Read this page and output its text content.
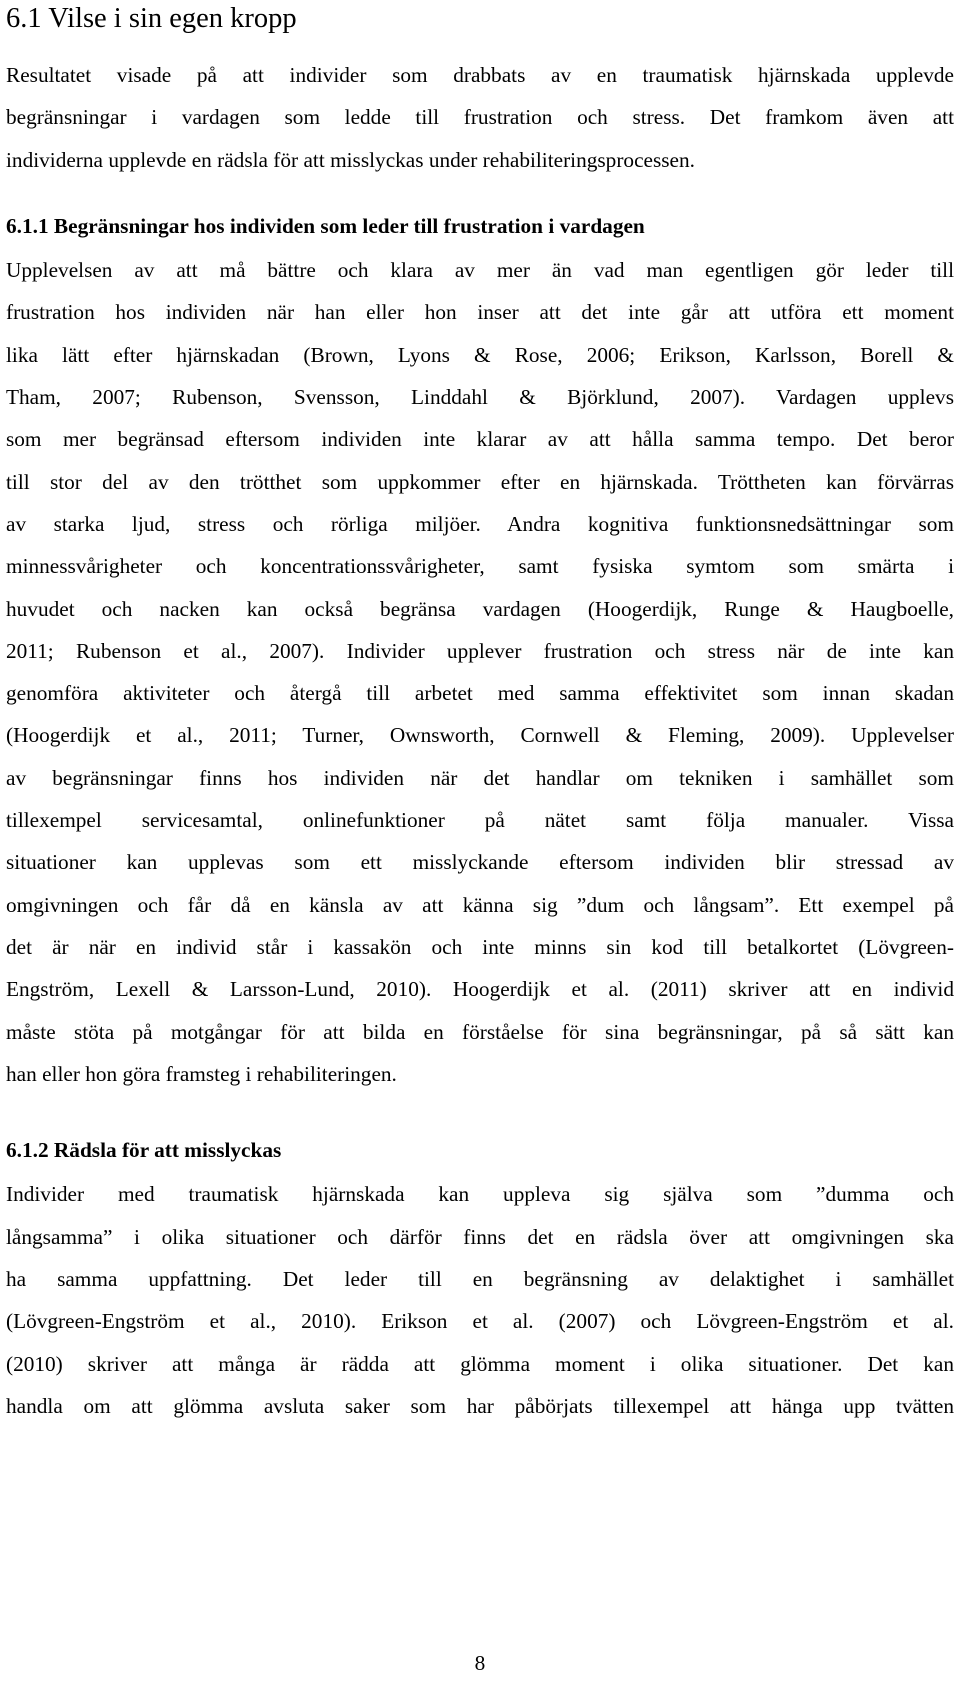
6.1 Vilse i sin egen kropp

Resultatet visade på att individer som drabbats av en traumatisk hjärnskada upplevde
begränsningar i vardagen som ledde till frustration och stress. Det framkom även att
individerna upplevde en rädsla för att misslyckas under rehabiliteringsprocessen.

6.1.1 Begränsningar hos individen som leder till frustration i vardagen

Upplevelsen av att må bättre och klara av mer än vad man egentligen gör leder till
frustration hos individen när han eller hon inser att det inte går att utföra ett moment
lika lätt efter hjärnskadan (Brown, Lyons & Rose, 2006; Erikson, Karlsson, Borell &
Tham, 2007; Rubenson, Svensson, Linddahl & Björklund, 2007). Vardagen upplevs
som mer begränsad eftersom individen inte klarar av att hålla samma tempo. Det beror
till stor del av den trötthet som uppkommer efter en hjärnskada. Tröttheten kan förvärras
av starka ljud, stress och rörliga miljöer. Andra kognitiva funktionsnedsättningar som
minnessvårigheter och koncentrationssvårigheter, samt fysiska symtom som smärta i
huvudet och nacken kan också begränsa vardagen (Hoogerdijk, Runge & Haugboelle,
2011; Rubenson et al., 2007). Individer upplever frustration och stress när de inte kan
genomföra aktiviteter och återgå till arbetet med samma effektivitet som innan skadan
(Hoogerdijk et al., 2011; Turner, Ownsworth, Cornwell & Fleming, 2009). Upplevelser
av begränsningar finns hos individen när det handlar om tekniken i samhället som
tillexempel servicesamtal, onlinefunktioner på nätet samt följa manualer. Vissa
situationer kan upplevas som ett misslyckande eftersom individen blir stressad av
omgivningen och får då en känsla av att känna sig ”dum och långsam”. Ett exempel på
det är när en individ står i kassakön och inte minns sin kod till betalkortet (Lövgreen-
Engström, Lexell & Larsson-Lund, 2010). Hoogerdijk et al. (2011) skriver att en individ
måste stöta på motgångar för att bilda en förståelse för sina begränsningar, på så sätt kan
han eller hon göra framsteg i rehabiliteringen.

6.1.2 Rädsla för att misslyckas

Individer med traumatisk hjärnskada kan uppleva sig själva som ”dumma och
långsamma” i olika situationer och därför finns det en rädsla över att omgivningen ska
ha samma uppfattning. Det leder till en begränsning av delaktighet i samhället
(Lövgreen-Engström et al., 2010). Erikson et al. (2007) och Lövgreen-Engström et al.
(2010) skriver att många är rädda att glömma moment i olika situationer. Det kan
handla om att glömma avsluta saker som har påbörjats tillexempel att hänga upp tvätten

8
